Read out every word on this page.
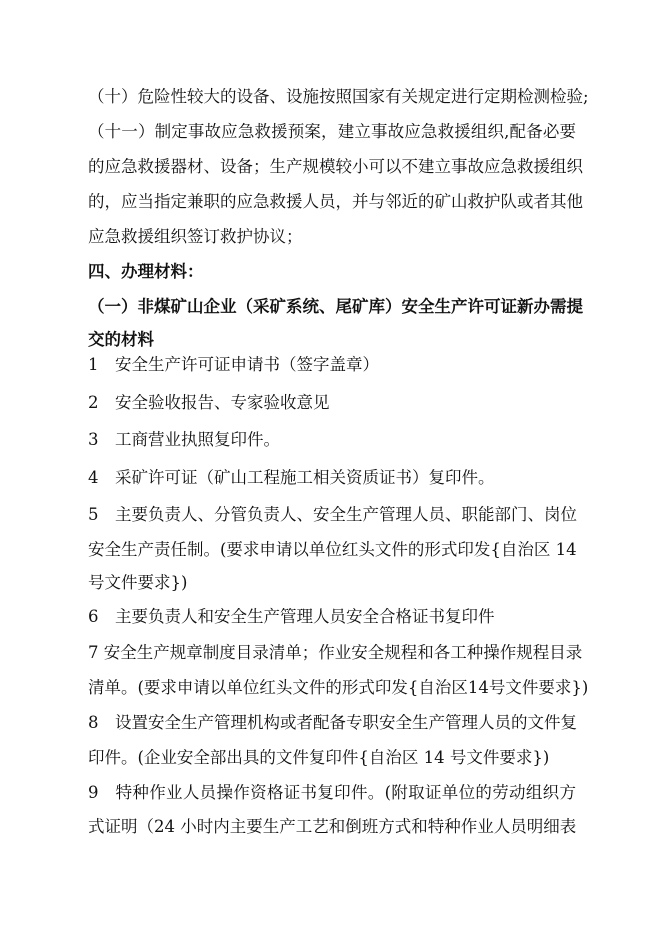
（十）危险性较大的设备、设施按照国家有关规定进行定期检测检验;
（十一）制定事故应急救援预案，建立事故应急救援组织,配备必要
的应急救援器材、设备；生产规模较小可以不建立事故应急救援组织
的，应当指定兼职的应急救援人员，并与邻近的矿山救护队或者其他
应急救援组织签订救护协议；
四、办理材料：
（一）非煤矿山企业（采矿系统、尾矿库）安全生产许可证新办需提
交的材料
1　安全生产许可证申请书（签字盖章）
2　安全验收报告、专家验收意见
3　工商营业执照复印件。
4　采矿许可证（矿山工程施工相关资质证书）复印件。
5　主要负责人、分管负责人、安全生产管理人员、职能部门、岗位
安全生产责任制。(要求申请以单位红头文件的形式印发{自治区 14
号文件要求})
6　主要负责人和安全生产管理人员安全合格证书复印件
7 安全生产规章制度目录清单；作业安全规程和各工种操作规程目录
清单。(要求申请以单位红头文件的形式印发{自治区14号文件要求})
8　设置安全生产管理机构或者配备专职安全生产管理人员的文件复
印件。(企业安全部出具的文件复印件{自治区 14 号文件要求})
9　特种作业人员操作资格证书复印件。(附取证单位的劳动组织方
式证明（24 小时内主要生产工艺和倒班方式和特种作业人员明细表
